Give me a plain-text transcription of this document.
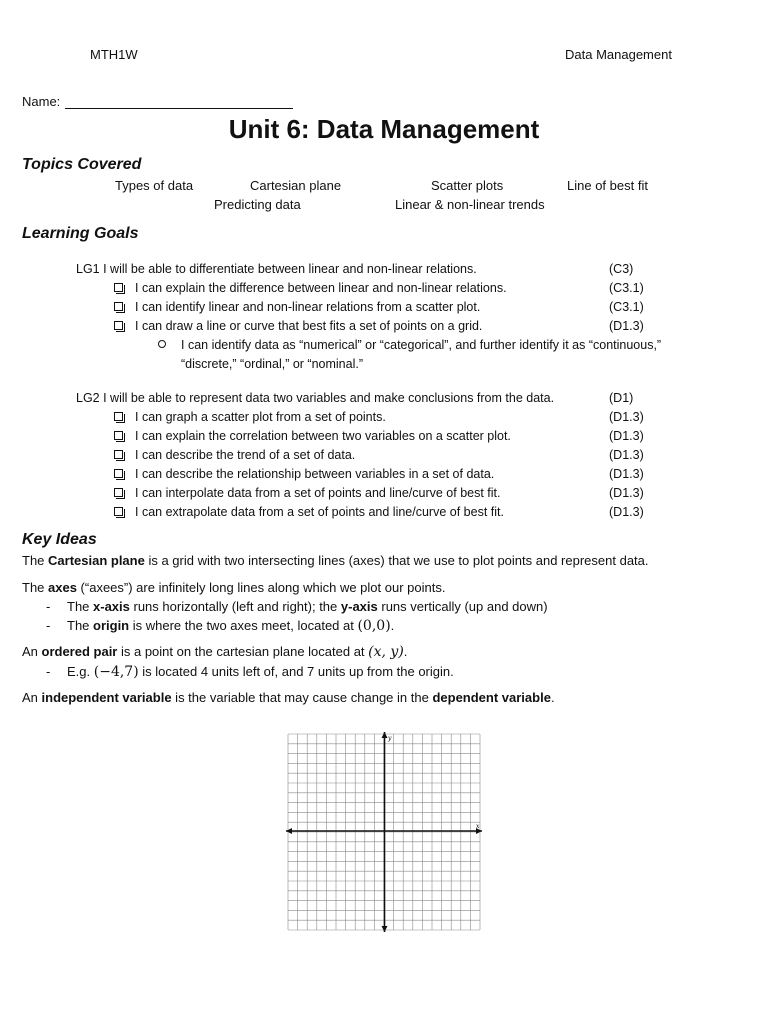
MTH1W	Data Management
Name:
Unit 6: Data Management
Topics Covered
Types of data	Cartesian plane	Scatter plots	Line of best fit
Predicting data	Linear & non-linear trends
Learning Goals
LG1 I will be able to differentiate between linear and non-linear relations.	(C3)
I can explain the difference between linear and non-linear relations.	(C3.1)
I can identify linear and non-linear relations from a scatter plot.	(C3.1)
I can draw a line or curve that best fits a set of points on a grid.	(D1.3)
I can identify data as “numerical” or “categorical”, and further identify it as “continuous,”
“discrete,” “ordinal,” or “nominal.”
LG2 I will be able to represent data two variables and make conclusions from the data.	(D1)
I can graph a scatter plot from a set of points.	(D1.3)
I can explain the correlation between two variables on a scatter plot.	(D1.3)
I can describe the trend of a set of data.	(D1.3)
I can describe the relationship between variables in a set of data.	(D1.3)
I can interpolate data from a set of points and line/curve of best fit.	(D1.3)
I can extrapolate data from a set of points and line/curve of best fit.	(D1.3)
Key Ideas
The Cartesian plane is a grid with two intersecting lines (axes) that we use to plot points and represent data.
The axes (“axees”) are infinitely long lines along which we plot our points.
- The x-axis runs horizontally (left and right); the y-axis runs vertically (up and down)
- The origin is where the two axes meet, located at (0,0).
An ordered pair is a point on the cartesian plane located at (x, y).
- E.g. (−4,7) is located 4 units left of, and 7 units up from the origin.
An independent variable is the variable that may cause change in the dependent variable.
y
x
